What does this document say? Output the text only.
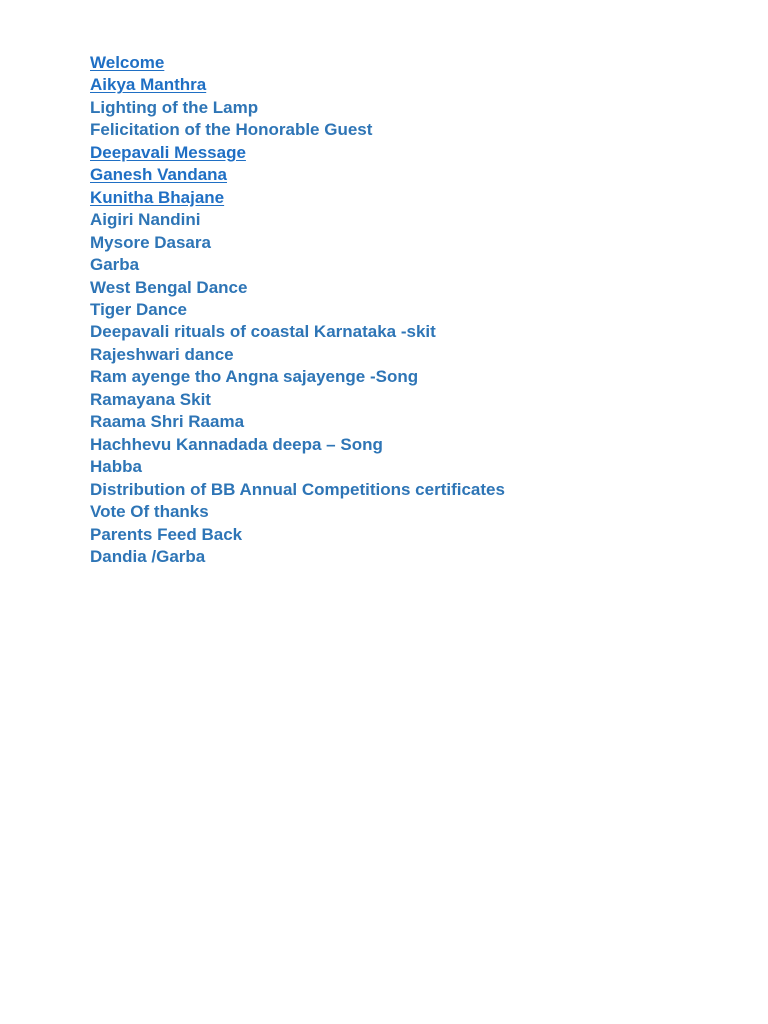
Welcome
Aikya Manthra
Lighting of the Lamp
Felicitation of the Honorable Guest
Deepavali Message
Ganesh Vandana
Kunitha Bhajane
Aigiri Nandini
Mysore Dasara
Garba
West Bengal Dance
Tiger Dance
Deepavali rituals of coastal Karnataka -skit
Rajeshwari dance
Ram ayenge tho Angna sajayenge -Song
Ramayana Skit
Raama Shri Raama
Hachhevu Kannadada deepa – Song
Habba
Distribution of BB Annual Competitions certificates
Vote Of thanks
Parents Feed Back
Dandia /Garba
